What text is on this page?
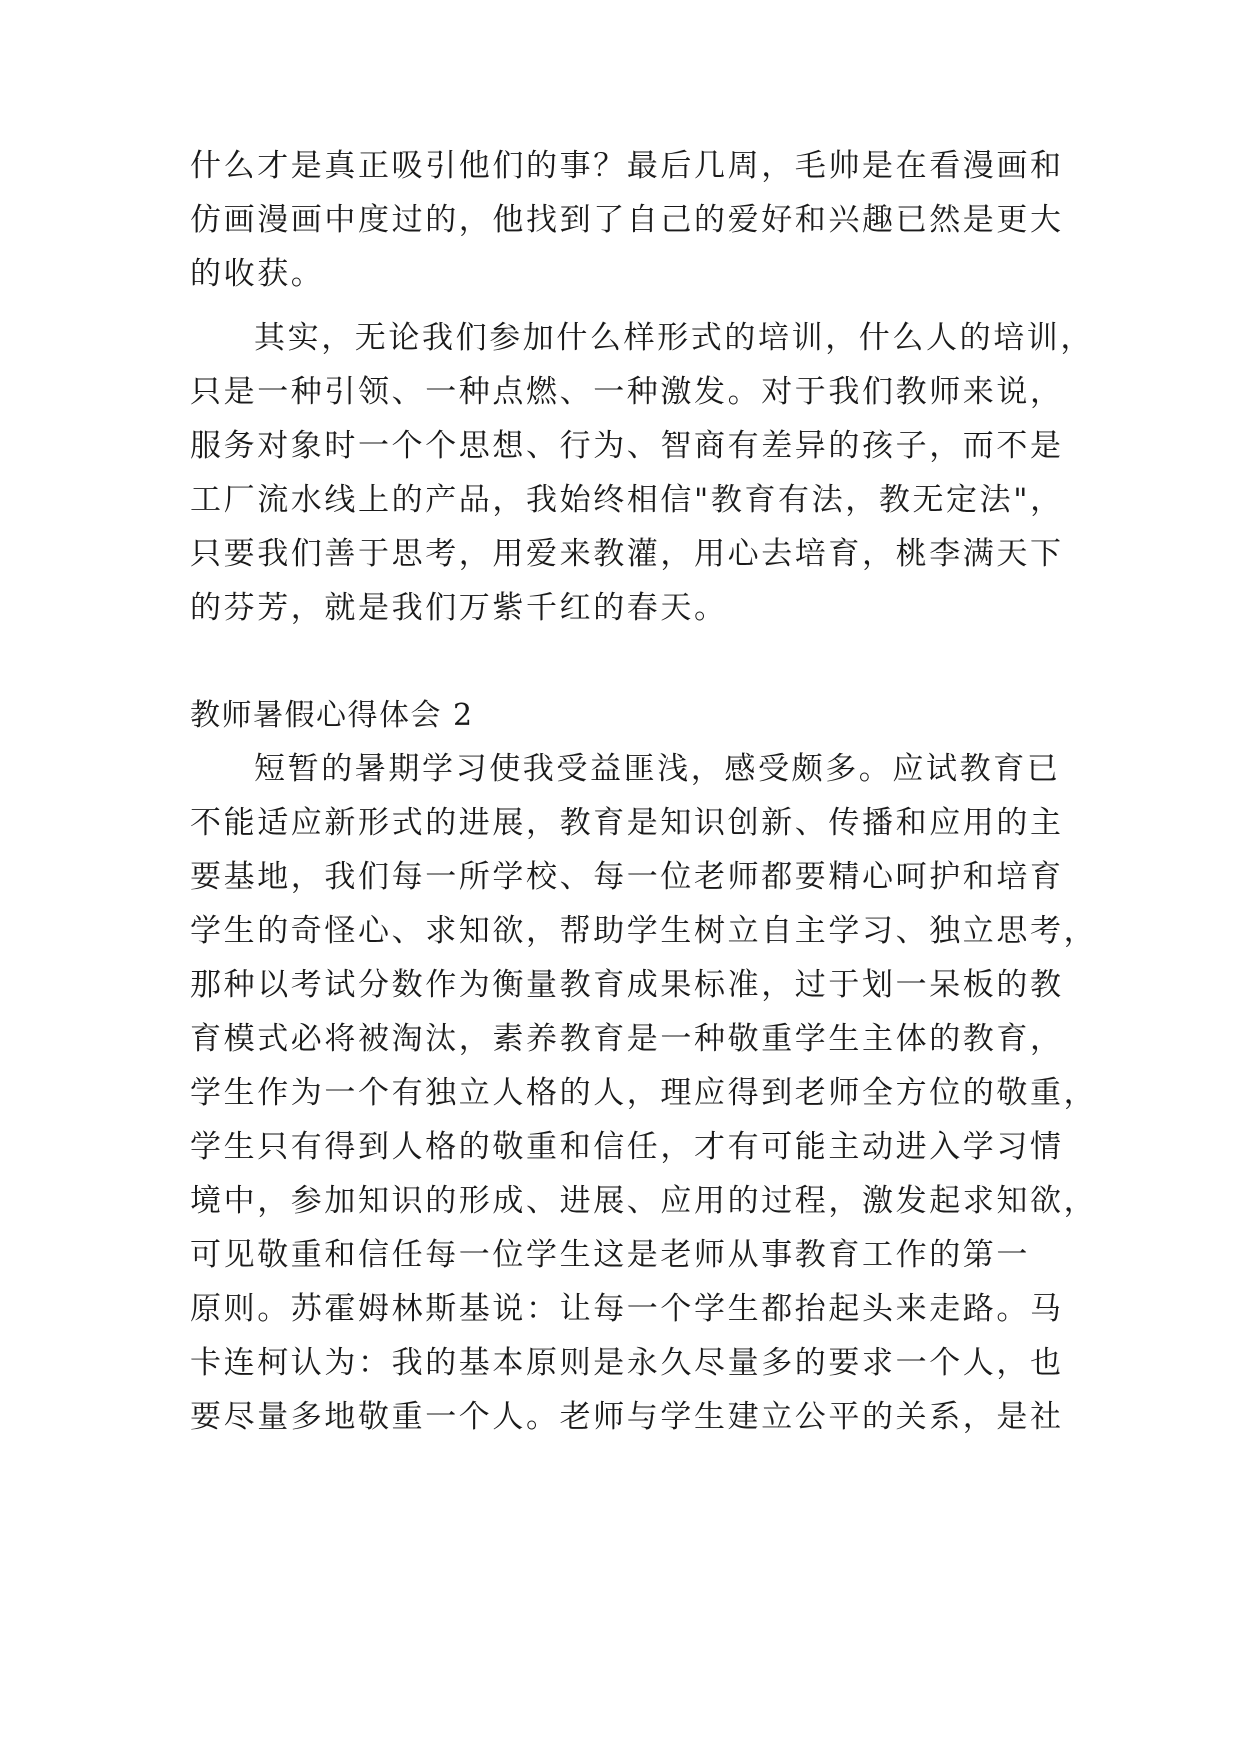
什么才是真正吸引他们的事？最后几周，毛帅是在看漫画和
仿画漫画中度过的，他找到了自己的爱好和兴趣已然是更大
的收获。
其实，无论我们参加什么样形式的培训，什么人的培训，
只是一种引领、一种点燃、一种激发。对于我们教师来说，
服务对象时一个个思想、行为、智商有差异的孩子，而不是
工厂流水线上的产品，我始终相信"教育有法，教无定法"，
只要我们善于思考，用爱来教灌，用心去培育，桃李满天下
的芬芳，就是我们万紫千红的春天。
教师暑假心得体会 2
短暂的暑期学习使我受益匪浅，感受颇多。应试教育已
不能适应新形式的进展，教育是知识创新、传播和应用的主
要基地，我们每一所学校、每一位老师都要精心呵护和培育
学生的奇怪心、求知欲，帮助学生树立自主学习、独立思考，
那种以考试分数作为衡量教育成果标准，过于划一呆板的教
育模式必将被淘汰，素养教育是一种敬重学生主体的教育，
学生作为一个有独立人格的人，理应得到老师全方位的敬重，
学生只有得到人格的敬重和信任，才有可能主动进入学习情
境中，参加知识的形成、进展、应用的过程，激发起求知欲，
可见敬重和信任每一位学生这是老师从事教育工作的第一
原则。苏霍姆林斯基说：让每一个学生都抬起头来走路。马
卡连柯认为：我的基本原则是永久尽量多的要求一个人，也
要尽量多地敬重一个人。老师与学生建立公平的关系，是社
